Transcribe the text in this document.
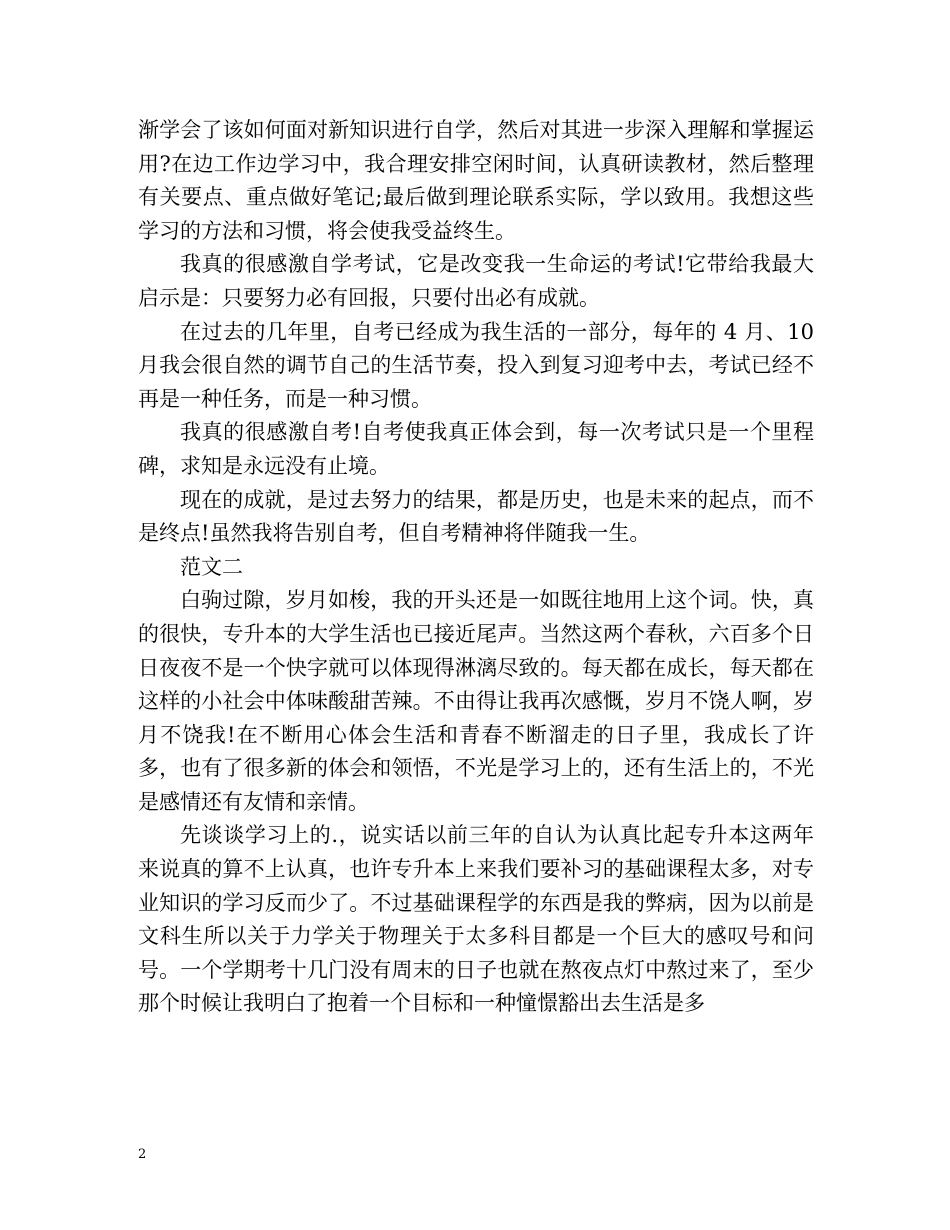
渐学会了该如何面对新知识进行自学，然后对其进一步深入理解和掌握运用?在边工作边学习中，我合理安排空闲时间，认真研读教材，然后整理有关要点、重点做好笔记;最后做到理论联系实际，学以致用。我想这些学习的方法和习惯，将会使我受益终生。

我真的很感激自学考试，它是改变我一生命运的考试!它带给我最大启示是：只要努力必有回报，只要付出必有成就。

在过去的几年里，自考已经成为我生活的一部分，每年的 4 月、10 月我会很自然的调节自己的生活节奏，投入到复习迎考中去，考试已经不再是一种任务，而是一种习惯。

我真的很感激自考!自考使我真正体会到，每一次考试只是一个里程碑，求知是永远没有止境。

现在的成就，是过去努力的结果，都是历史，也是未来的起点，而不是终点!虽然我将告别自考，但自考精神将伴随我一生。

范文二

白驹过隙，岁月如梭，我的开头还是一如既往地用上这个词。快，真的很快，专升本的大学生活也已接近尾声。当然这两个春秋，六百多个日日夜夜不是一个快字就可以体现得淋漓尽致的。每天都在成长，每天都在这样的小社会中体味酸甜苦辣。不由得让我再次感慨，岁月不饶人啊，岁月不饶我!在不断用心体会生活和青春不断溜走的日子里，我成长了许多，也有了很多新的体会和领悟，不光是学习上的，还有生活上的，不光是感情还有友情和亲情。

先谈谈学习上的.，说实话以前三年的自认为认真比起专升本这两年来说真的算不上认真，也许专升本上来我们要补习的基础课程太多，对专业知识的学习反而少了。不过基础课程学的东西是我的弊病，因为以前是文科生所以关于力学关于物理关于太多科目都是一个巨大的感叹号和问号。一个学期考十几门没有周末的日子也就在熬夜点灯中熬过来了，至少那个时候让我明白了抱着一个目标和一种憧憬豁出去生活是多

2
